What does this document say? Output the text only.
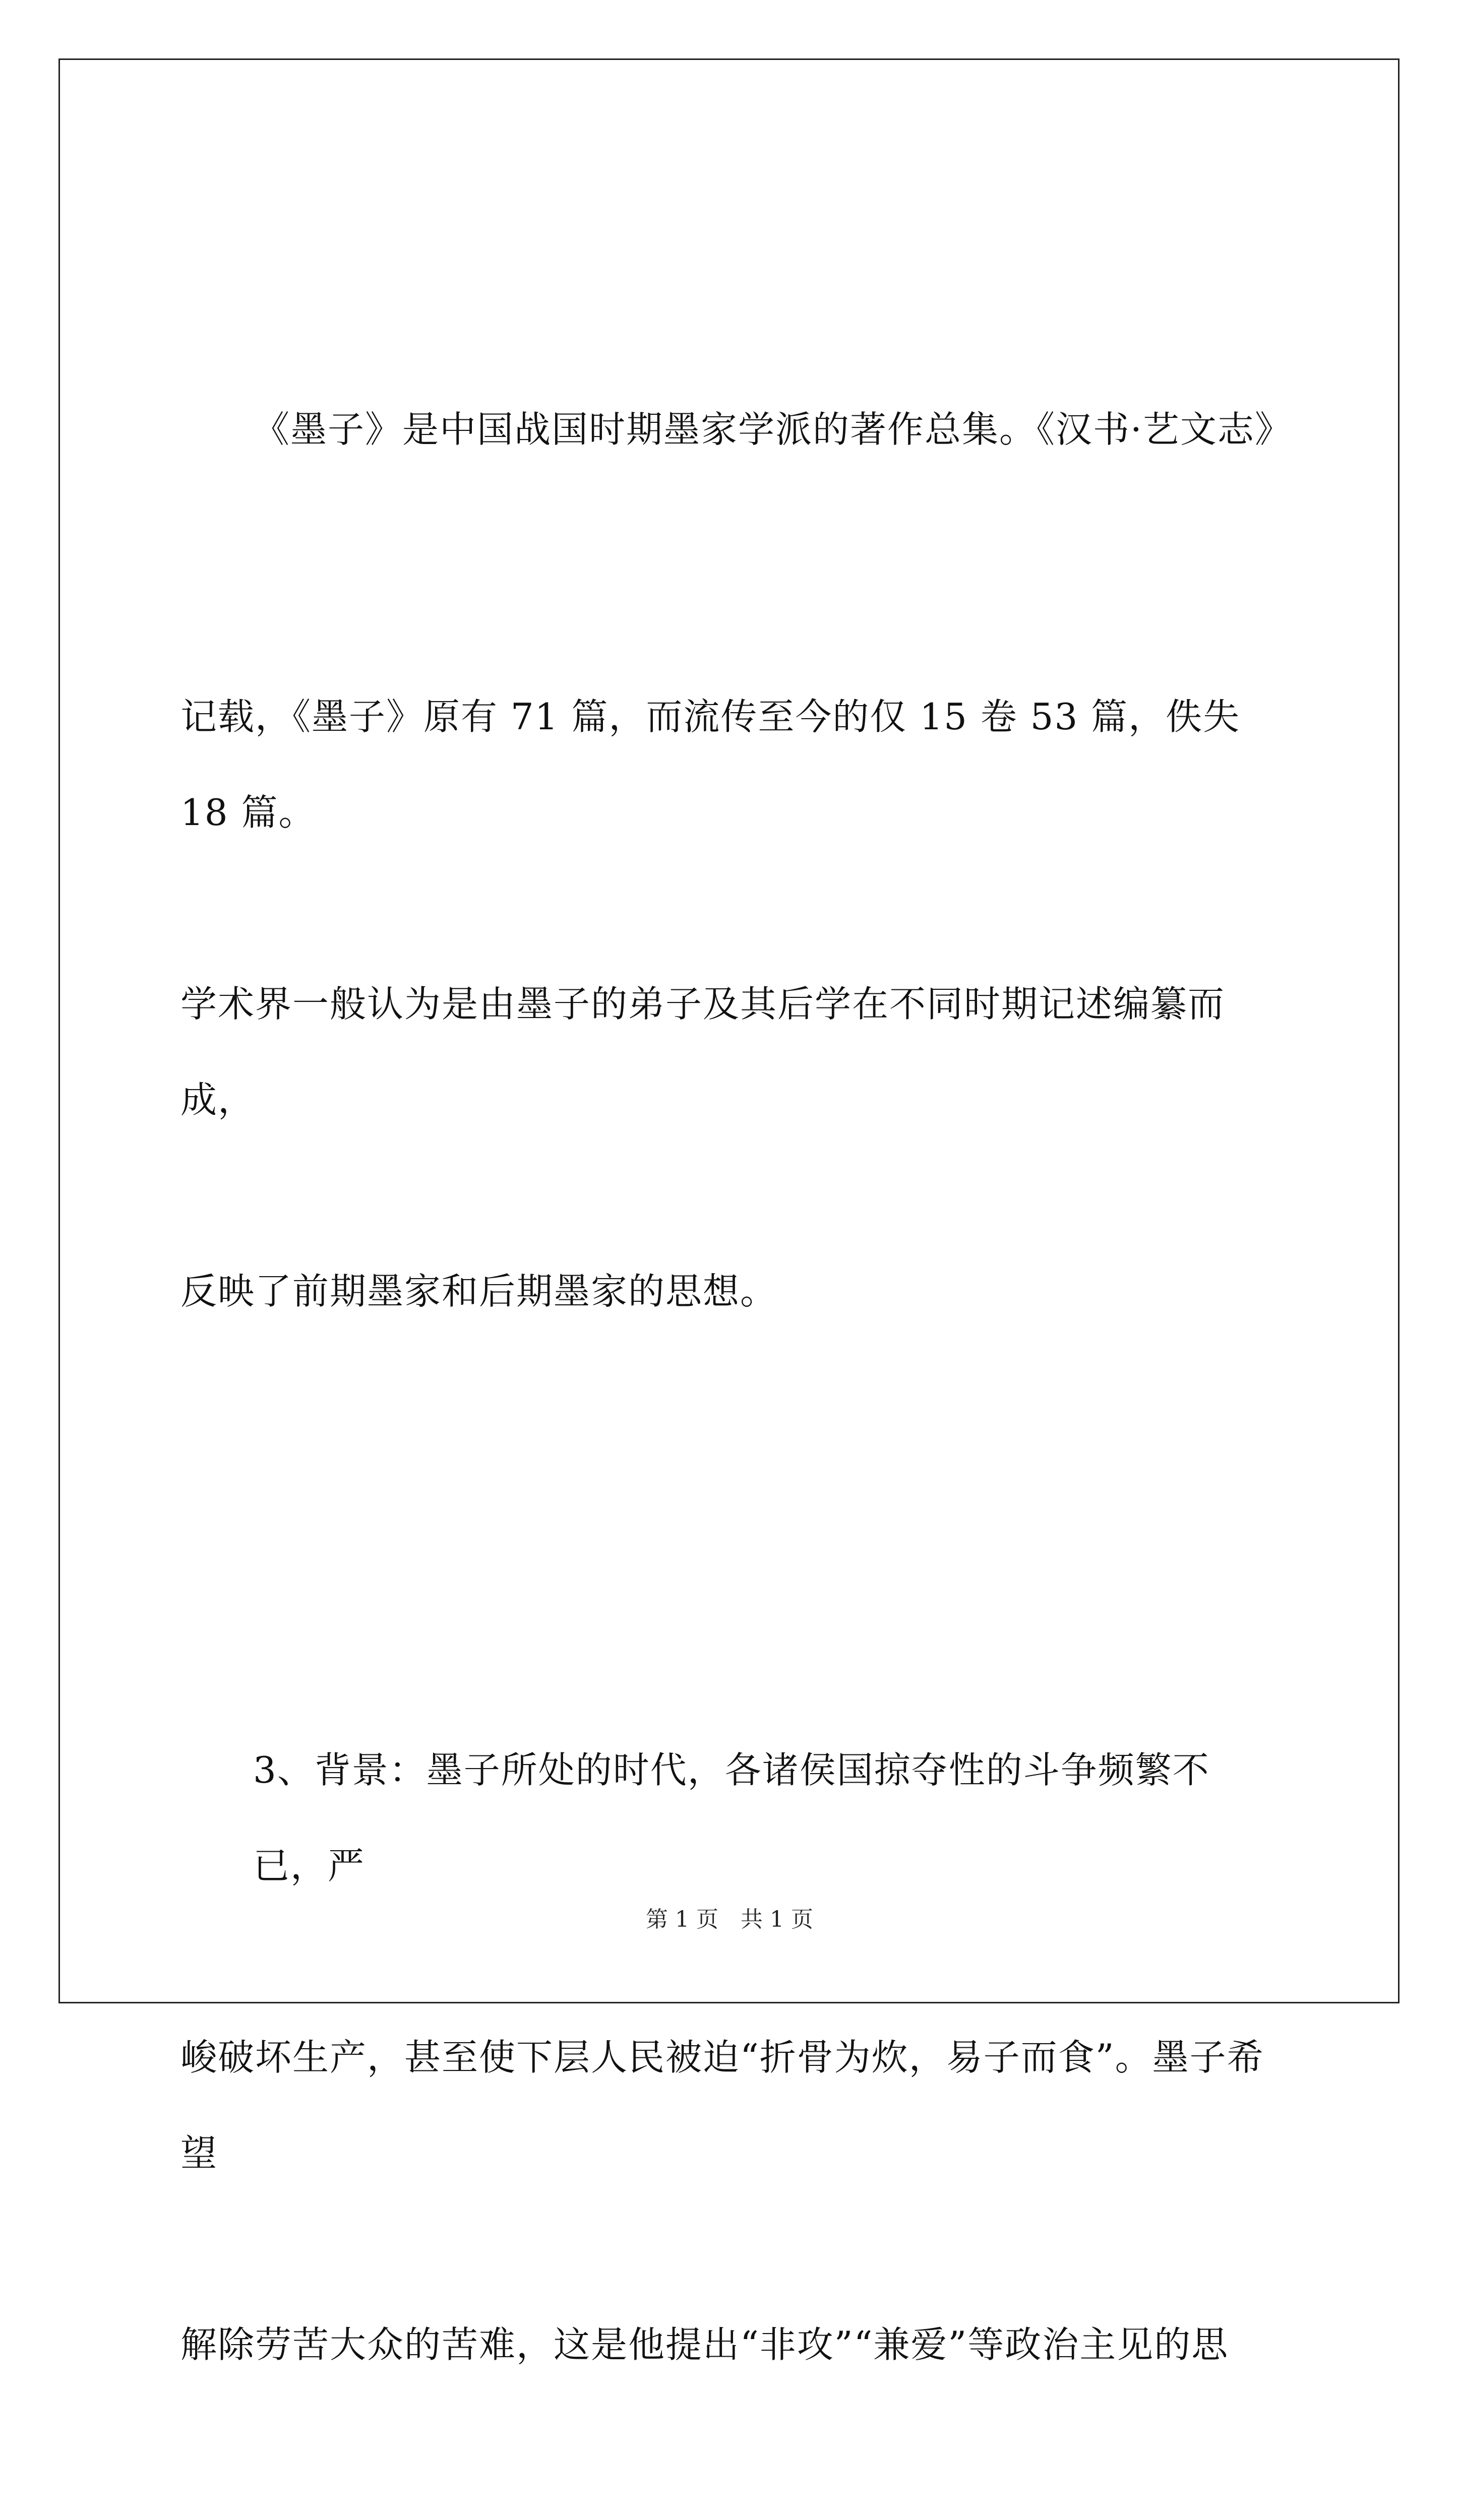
《墨子》是中国战国时期墨家学派的著作总集。《汉书·艺文志》

记载，《墨子》原有 71 篇，而流传至今的仅 15 卷 53 篇，佚失 18 篇。

学术界一般认为是由墨子的弟子及其后学在不同时期记述编纂而成，

反映了前期墨家和后期墨家的思想。

3、背景：墨子所处的时代，各诸侯国掠夺性的斗争频繁不已，严

峻破坏生产，甚至使下层人民被迫“折骨为炊，易子而食”。墨子希望

解除劳苦大众的苦难，这是他提出“非攻”“兼爱”等政治主见的思

第 1 页　共 1 页
